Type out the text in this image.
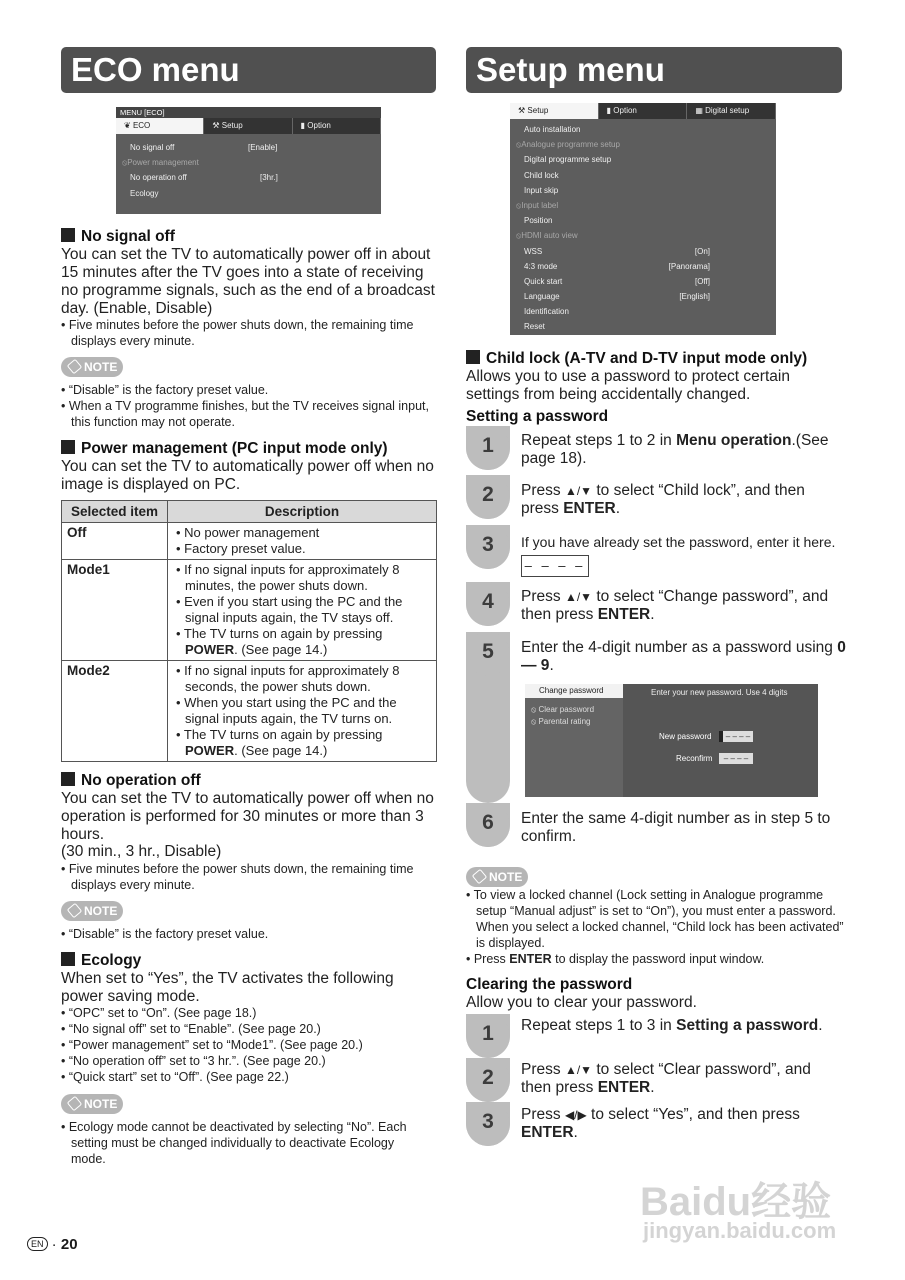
ECO menu
MENU [ECO]
❦ ECO	⚒ Setup	▮ Option
No signal off	[Enable]
⦸Power management
No operation off	[3hr.]
Ecology
No signal off
You can set the TV to automatically power off in about 15 minutes after the TV goes into a state of receiving no programme signals, such as the end of a broadcast day. (Enable, Disable)
• Five minutes before the power shuts down, the remaining time displays every minute.
NOTE
• “Disable” is the factory preset value.
• When a TV programme finishes, but the TV receives signal input, this function may not operate.
Power management (PC input mode only)
You can set the TV to automatically power off when no image is displayed on PC.
Selected item	Description
Off	• No power management
• Factory preset value.

Mode1	• If no signal inputs for approximately 8 minutes, the power shuts down.
• Even if you start using the PC and the signal inputs again, the TV stays off.
• The TV turns on again by pressing POWER. (See page 14.)

Mode2	• If no signal inputs for approximately 8 seconds, the power shuts down.
• When you start using the PC and the signal inputs again, the TV turns on.
• The TV turns on again by pressing POWER. (See page 14.)
No operation off
You can set the TV to automatically power off when no operation is performed for 30 minutes or more than 3 hours.
(30 min., 3 hr., Disable)
• Five minutes before the power shuts down, the remaining time displays every minute.
NOTE
• “Disable” is the factory preset value.
Ecology
When set to “Yes”, the TV activates the following power saving mode.
• “OPC” set to “On”. (See page 18.)
• “No signal off” set to “Enable”. (See page 20.)
• “Power management” set to “Mode1”. (See page 20.)
• “No operation off” set to “3 hr.”. (See page 20.)
• “Quick start” set to “Off”. (See page 22.)
NOTE
• Ecology mode cannot be deactivated by selecting “No”. Each setting must be changed individually to deactivate Ecology mode.
Setup menu
⚒ Setup	▮ Option	▦ Digital setup
Auto installation
⦸Analogue programme setup
Digital programme setup
Child lock
Input skip
⦸Input label
Position
⦸HDMI auto view
WSS	[On]
4:3 mode	[Panorama]
Quick start	[Off]
Language	[English]
Identification
Reset
Child lock (A-TV and D-TV input mode only)
Allows you to use a password to protect certain settings from being accidentally changed.
Setting a password
1	Repeat steps 1 to 2 in Menu operation.(See page 18).
2	Press ▲/▼ to select “Child lock”, and then press ENTER.
3	If you have already set the password, enter it here.
– – – –
4	Press ▲/▼ to select “Change password”, and then press ENTER.
5	Enter the 4-digit number as a password using 0 — 9.
Change password
⦸ Clear password
⦸ Parental rating
Enter your new password. Use 4 digits
New password	– – – –
Reconfirm	– – – –
6	Enter the same 4-digit number as in step 5 to confirm.
NOTE
• To view a locked channel (Lock setting in Analogue programme setup “Manual adjust” is set to “On”), you must enter a password. When you select a locked channel, “Child lock has been activated” is displayed.
• Press ENTER to display the password input window.
Clearing the password
Allow you to clear your password.
1	Repeat steps 1 to 3 in Setting a password.
2	Press ▲/▼ to select “Clear password”, and then press ENTER.
3	Press ◀/▶ to select “Yes”, and then press ENTER.
Baidu经验
jingyan.baidu.com
EN · 20
